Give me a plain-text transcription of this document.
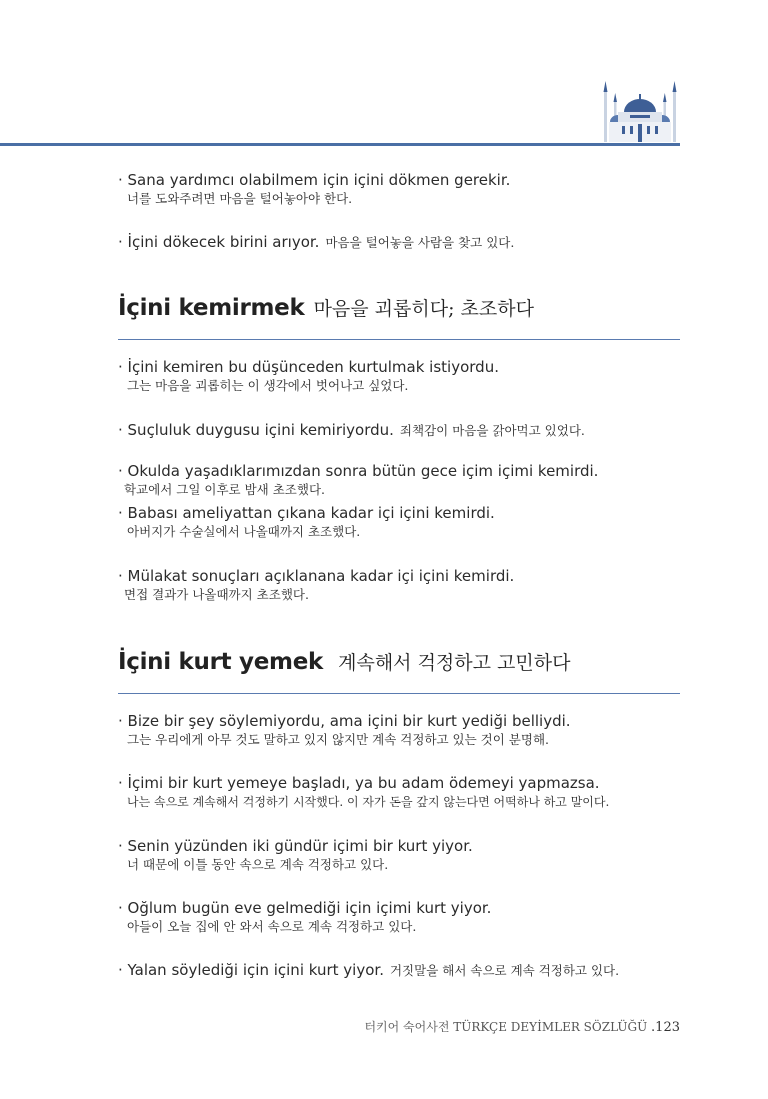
· Sana yardımcı olabilmem için içini dökmen gerekir.
너를 도와주려면 마음을 털어놓아야 한다.
· İçini dökecek birini arıyor. 마음을 털어놓을 사람을 찾고 있다.
İçini kemirmek 마음을 괴롭히다; 초조하다
· İçini kemiren bu düşünceden kurtulmak istiyordu.
그는 마음을 괴롭히는 이 생각에서 벗어나고 싶었다.
· Suçluluk duygusu içini kemiriyordu. 죄책감이 마음을 갉아먹고 있었다.
· Okulda yaşadıklarımızdan sonra bütün gece içim içimi kemirdi.
학교에서 그일 이후로 밤새 초조했다.
· Babası ameliyattan çıkana kadar içi içini kemirdi.
아버지가 수술실에서 나올때까지 초조했다.
· Mülakat sonuçları açıklanana kadar içi içini kemirdi.
면접 결과가 나올때까지 초조했다.
İçini kurt yemek 계속해서 걱정하고 고민하다
· Bize bir şey söylemiyordu, ama içini bir kurt yediği belliydi.
그는 우리에게 아무 것도 말하고 있지 않지만 계속 걱정하고 있는 것이 분명해.
· İçimi bir kurt yemeye başladı, ya bu adam ödemeyi yapmazsa.
나는 속으로 계속해서 걱정하기 시작했다. 이 자가 돈을 갚지 않는다면 어떡하나 하고 말이다.
· Senin yüzünden iki gündür içimi bir kurt yiyor.
너 때문에 이틀 동안 속으로 계속 걱정하고 있다.
· Oğlum bugün eve gelmediği için içimi kurt yiyor.
아들이 오늘 집에 안 와서 속으로 계속 걱정하고 있다.
· Yalan söylediği için içini kurt yiyor. 거짓말을 해서 속으로 계속 걱정하고 있다.
터키어 숙어사전 TÜRKÇE DEYİMLER SÖZLÜĞÜ .123
